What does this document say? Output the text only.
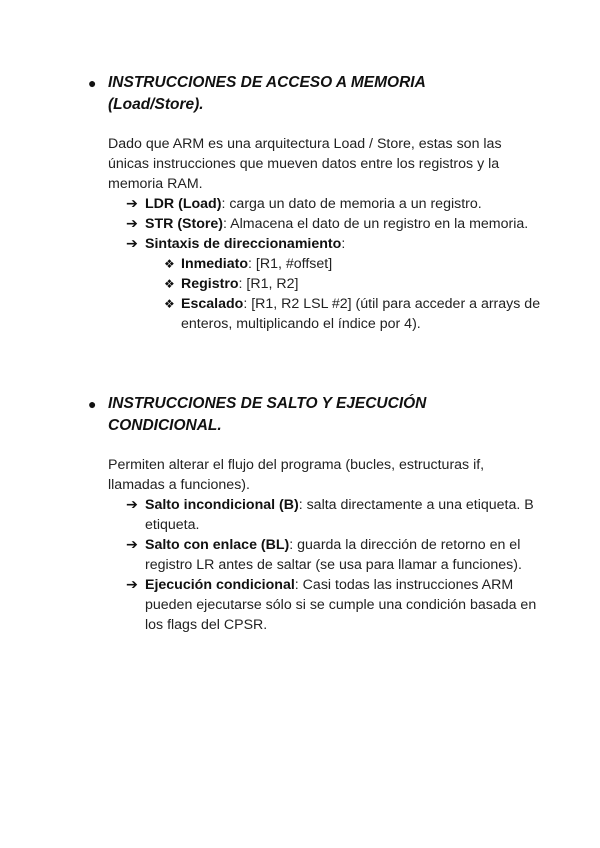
● INSTRUCCIONES DE ACCESO A MEMORIA
(Load/Store).
Dado que ARM es una arquitectura Load / Store, estas son las únicas instrucciones que mueven datos entre los registros y la memoria RAM.
➔ LDR (Load): carga un dato de memoria a un registro.
➔ STR (Store): Almacena el dato de un registro en la memoria.
➔ Sintaxis de direccionamiento:
❖ Inmediato: [R1, #offset]
❖ Registro: [R1, R2]
❖ Escalado: [R1, R2 LSL #2] (útil para acceder a arrays de enteros, multiplicando el índice por 4).
● INSTRUCCIONES DE SALTO Y EJECUCIÓN
CONDICIONAL.
Permiten alterar el flujo del programa (bucles, estructuras if, llamadas a funciones).
➔ Salto incondicional (B): salta directamente a una etiqueta. B etiqueta.
➔ Salto con enlace (BL): guarda la dirección de retorno en el registro LR antes de saltar (se usa para llamar a funciones).
➔ Ejecución condicional: Casi todas las instrucciones ARM pueden ejecutarse sólo si se cumple una condición basada en los flags del CPSR.
